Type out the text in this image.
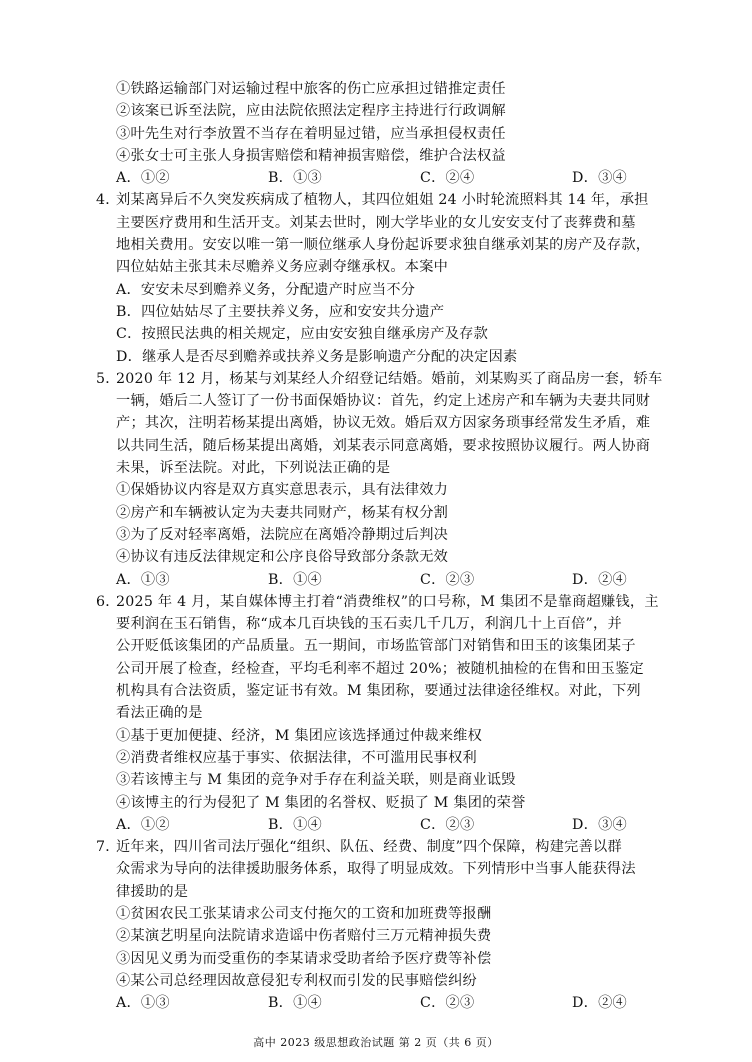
①铁路运输部门对运输过程中旅客的伤亡应承担过错推定责任
②该案已诉至法院，应由法院依照法定程序主持进行行政调解
③叶先生对行李放置不当存在着明显过错，应当承担侵权责任
④张女士可主张人身损害赔偿和精神损害赔偿，维护合法权益
A．①②	B．①③	C．②④	D．③④
4．
刘某离异后不久突发疾病成了植物人，其四位姐姐 24 小时轮流照料其 14 年，承担
主要医疗费用和生活开支。刘某去世时，刚大学毕业的女儿安安支付了丧葬费和墓
地相关费用。安安以唯一第一顺位继承人身份起诉要求独自继承刘某的房产及存款，
四位姑姑主张其未尽赡养义务应剥夺继承权。本案中
A．安安未尽到赡养义务，分配遗产时应当不分
B．四位姑姑尽了主要扶养义务，应和安安共分遗产
C．按照民法典的相关规定，应由安安独自继承房产及存款
D．继承人是否尽到赡养或扶养义务是影响遗产分配的决定因素
5．
2020 年 12 月，杨某与刘某经人介绍登记结婚。婚前，刘某购买了商品房一套，轿车
一辆，婚后二人签订了一份书面保婚协议：首先，约定上述房产和车辆为夫妻共同财
产；其次，注明若杨某提出离婚，协议无效。婚后双方因家务琐事经常发生矛盾，难
以共同生活，随后杨某提出离婚，刘某表示同意离婚，要求按照协议履行。两人协商
未果，诉至法院。对此，下列说法正确的是
①保婚协议内容是双方真实意思表示，具有法律效力
②房产和车辆被认定为夫妻共同财产，杨某有权分割
③为了反对轻率离婚，法院应在离婚冷静期过后判决
④协议有违反法律规定和公序良俗导致部分条款无效
A．①③	B．①④	C．②③	D．②④
6．
2025 年 4 月，某自媒体博主打着“消费维权”的口号称，M 集团不是靠商超赚钱，主
要利润在玉石销售，称“成本几百块钱的玉石卖几千几万，利润几十上百倍”，并
公开贬低该集团的产品质量。五一期间，市场监管部门对销售和田玉的该集团某子
公司开展了检查，经检查，平均毛利率不超过 20%；被随机抽检的在售和田玉鉴定
机构具有合法资质，鉴定证书有效。M 集团称，要通过法律途径维权。对此，下列
看法正确的是
①基于更加便捷、经济，M 集团应该选择通过仲裁来维权
②消费者维权应基于事实、依据法律，不可滥用民事权利
③若该博主与 M 集团的竞争对手存在利益关联，则是商业诋毁
④该博主的行为侵犯了 M 集团的名誉权、贬损了 M 集团的荣誉
A．①②	B．①④	C．②③	D．③④
7．
近年来，四川省司法厅强化“组织、队伍、经费、制度”四个保障，构建完善以群
众需求为导向的法律援助服务体系，取得了明显成效。下列情形中当事人能获得法
律援助的是
①贫困农民工张某请求公司支付拖欠的工资和加班费等报酬
②某演艺明星向法院请求造谣中伤者赔付三万元精神损失费
③因见义勇为而受重伤的李某请求受助者给予医疗费等补偿
④某公司总经理因故意侵犯专利权而引发的民事赔偿纠纷
A．①③	B．①④	C．②③	D．②④
高中 2023 级思想政治试题 第 2 页（共 6 页）
